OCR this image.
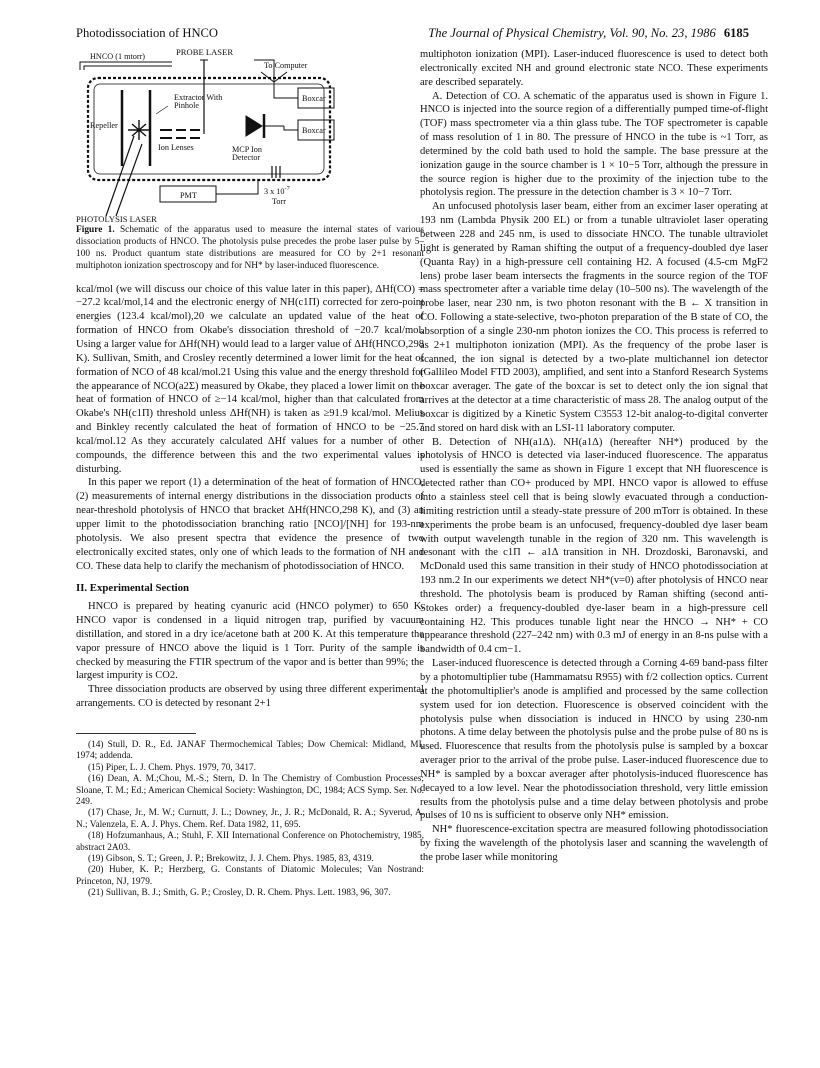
Photodissociation of HNCO	The Journal of Physical Chemistry, Vol. 90, No. 23, 1986 6185
HNCO (1 mtorr)	PROBE LASER
To Computer
Extractor With
Pinhole
Repeller
Ion Lenses
Boxcar
Boxcar
MCP Ion
Detector
PMT	3 x $10^{-7}$
Torr
PHOTOLYSIS LASER
Figure 1. Schematic of the apparatus used to measure the internal states of various dissociation products of HNCO. The photolysis pulse precedes the probe laser pulse by 5–100 ns. Product quantum state distributions are measured for CO by 2+1 resonant multiphoton ionization spectroscopy and for NH* by laser-induced fluorescence.

kcal/mol (we will discuss our choice of this value later in this paper), ΔHf(CO) = −27.2 kcal/mol,14 and the electronic energy of NH(c1Π) corrected for zero-point energies (123.4 kcal/mol),20 we calculate an updated value of the heat of formation of HNCO from Okabe's dissociation threshold of −20.7 kcal/mol. Using a larger value for ΔHf(NH) would lead to a larger value of ΔHf(HNCO,298 K). Sullivan, Smith, and Crosley recently determined a lower limit for the heat of formation of NCO of 48 kcal/mol.21 Using this value and the energy threshold for the appearance of NCO(a2Σ) measured by Okabe, they placed a lower limit on the heat of formation of HNCO of ≥−14 kcal/mol, higher than that calculated from Okabe's NH(c1Π) threshold unless ΔHf(NH) is taken as ≥91.9 kcal/mol. Melius and Binkley recently calculated the heat of formation of HNCO to be −25.7 kcal/mol.12 As they accurately calculated ΔHf values for a number of other compounds, the difference between this and the two experimental values is disturbing.

In this paper we report (1) a determination of the heat of formation of HNCO, (2) measurements of internal energy distributions in the dissociation products of near-threshold photolysis of HNCO that bracket ΔHf(HNCO,298 K), and (3) an upper limit to the photodissociation branching ratio [NCO]/[NH] for 193-nm photolysis. We also present spectra that evidence the presence of two electronically excited states, only one of which leads to the formation of NH and CO. These data help to clarify the mechanism of photodissociation of HNCO.

II. Experimental Section

HNCO is prepared by heating cyanuric acid (HNCO polymer) to 650 K. HNCO vapor is condensed in a liquid nitrogen trap, purified by vacuum distillation, and stored in a dry ice/acetone bath at 200 K. At this temperature the vapor pressure of HNCO above the liquid is 1 Torr. Purity of the sample is checked by measuring the FTIR spectrum of the vapor and is better than 99%; the largest impurity is CO2.

Three dissociation products are observed by using three different experimental arrangements. CO is detected by resonant 2+1

(14) Stull, D. R., Ed. JANAF Thermochemical Tables; Dow Chemical: Midland, MI, 1974; addenda.

(15) Piper, L. J. Chem. Phys. 1979, 70, 3417.

(16) Dean, A. M.;Chou, M.-S.; Stern, D. In The Chemistry of Combustion Processes; Sloane, T. M.; Ed.; American Chemical Society: Washington, DC, 1984; ACS Symp. Ser. No. 249.

(17) Chase, Jr., M. W.; Curnutt, J. L.; Downey, Jr., J. R.; McDonald, R. A.; Syverud, A. N.; Valenzela, E. A. J. Phys. Chem. Ref. Data 1982, 11, 695.

(18) Hofzumanhaus, A.; Stuhl, F. XII International Conference on Photochemistry, 1985, abstract 2A03.

(19) Gibson, S. T.; Green, J. P.; Brekowitz, J. J. Chem. Phys. 1985, 83, 4319.

(20) Huber, K. P.; Herzberg, G. Constants of Diatomic Molecules; Van Nostrand: Princeton, NJ, 1979.

(21) Sullivan, B. J.; Smith, G. P.; Crosley, D. R. Chem. Phys. Lett. 1983, 96, 307.

multiphoton ionization (MPI). Laser-induced fluorescence is used to detect both electronically excited NH and ground electronic state NCO. These experiments are described separately.

A. Detection of CO. A schematic of the apparatus used is shown in Figure 1. HNCO is injected into the source region of a differentially pumped time-of-flight (TOF) mass spectrometer via a thin glass tube. The TOF spectrometer is capable of mass resolution of 1 in 80. The pressure of HNCO in the tube is ~1 Torr, as determined by the cold bath used to hold the sample. The base pressure at the ionization gauge in the source chamber is 1 × 10−5 Torr, although the pressure in the source region is higher due to the proximity of the injection tube to the photolysis region. The pressure in the detection chamber is 3 × 10−7 Torr.

An unfocused photolysis laser beam, either from an excimer laser operating at 193 nm (Lambda Physik 200 EL) or from a tunable ultraviolet laser operating between 228 and 245 nm, is used to dissociate HNCO. The tunable ultraviolet light is generated by Raman shifting the output of a frequency-doubled dye laser (Quanta Ray) in a high-pressure cell containing H2. A focused (4.5-cm MgF2 lens) probe laser beam intersects the fragments in the source region of the TOF mass spectrometer after a variable time delay (10–500 ns). The wavelength of the probe laser, near 230 nm, is two photon resonant with the B ← X transition in CO. Following a state-selective, two-photon preparation of the B state of CO, the absorption of a single 230-nm photon ionizes the CO. This process is referred to as 2+1 multiphoton ionization (MPI). As the frequency of the probe laser is scanned, the ion signal is detected by a two-plate multichannel ion detector (Gallileo Model FTD 2003), amplified, and sent into a Stanford Research Systems boxcar averager. The gate of the boxcar is set to detect only the ion signal that arrives at the detector at a time characteristic of mass 28. The analog output of the boxcar is digitized by a Kinetic System C3553 12-bit analog-to-digital converter and stored on hard disk with an LSI-11 laboratory computer.

B. Detection of NH(a1Δ). NH(a1Δ) (hereafter NH*) produced by the photolysis of HNCO is detected via laser-induced fluorescence. The apparatus used is essentially the same as shown in Figure 1 except that NH fluorescence is detected rather than CO+ produced by MPI. HNCO vapor is allowed to effuse into a stainless steel cell that is being slowly evacuated through a conduction-limiting restriction until a steady-state pressure of 200 mTorr is obtained. In these experiments the probe beam is an unfocused, frequency-doubled dye laser beam with output wavelength tunable in the region of 320 nm. This wavelength is resonant with the c1Π ← a1Δ transition in NH. Drozdoski, Baronavski, and McDonald used this same transition in their study of HNCO photodissociation at 193 nm.2 In our experiments we detect NH*(v=0) after photolysis of HNCO near threshold. The photolysis beam is produced by Raman shifting (second anti-Stokes order) a frequency-doubled dye-laser beam in a high-pressure cell containing H2. This produces tunable light near the HNCO → NH* + CO appearance threshold (227–242 nm) with 0.3 mJ of energy in an 8-ns pulse with a bandwidth of 0.4 cm−1.

Laser-induced fluorescence is detected through a Corning 4-69 band-pass filter by a photomultiplier tube (Hammamatsu R955) with f/2 collection optics. Current at the photomultiplier's anode is amplified and processed by the same collection system used for ion detection. Fluorescence is observed coincident with the photolysis pulse when dissociation is induced in HNCO by using 230-nm photons. A time delay between the photolysis pulse and the probe pulse of 80 ns is used. Fluorescence that results from the photolysis pulse is sampled by a boxcar averager prior to the arrival of the probe pulse. Laser-induced fluorescence due to NH* is sampled by a boxcar averager after photolysis-induced fluorescence has decayed to a low level. Near the photodissociation threshold, very little emission results from the photolysis pulse and a time delay between photolysis and probe pulses of 10 ns is sufficient to observe only NH* emission.

NH* fluorescence-excitation spectra are measured following photodissociation by fixing the wavelength of the photolysis laser and scanning the wavelength of the probe laser while monitoring
